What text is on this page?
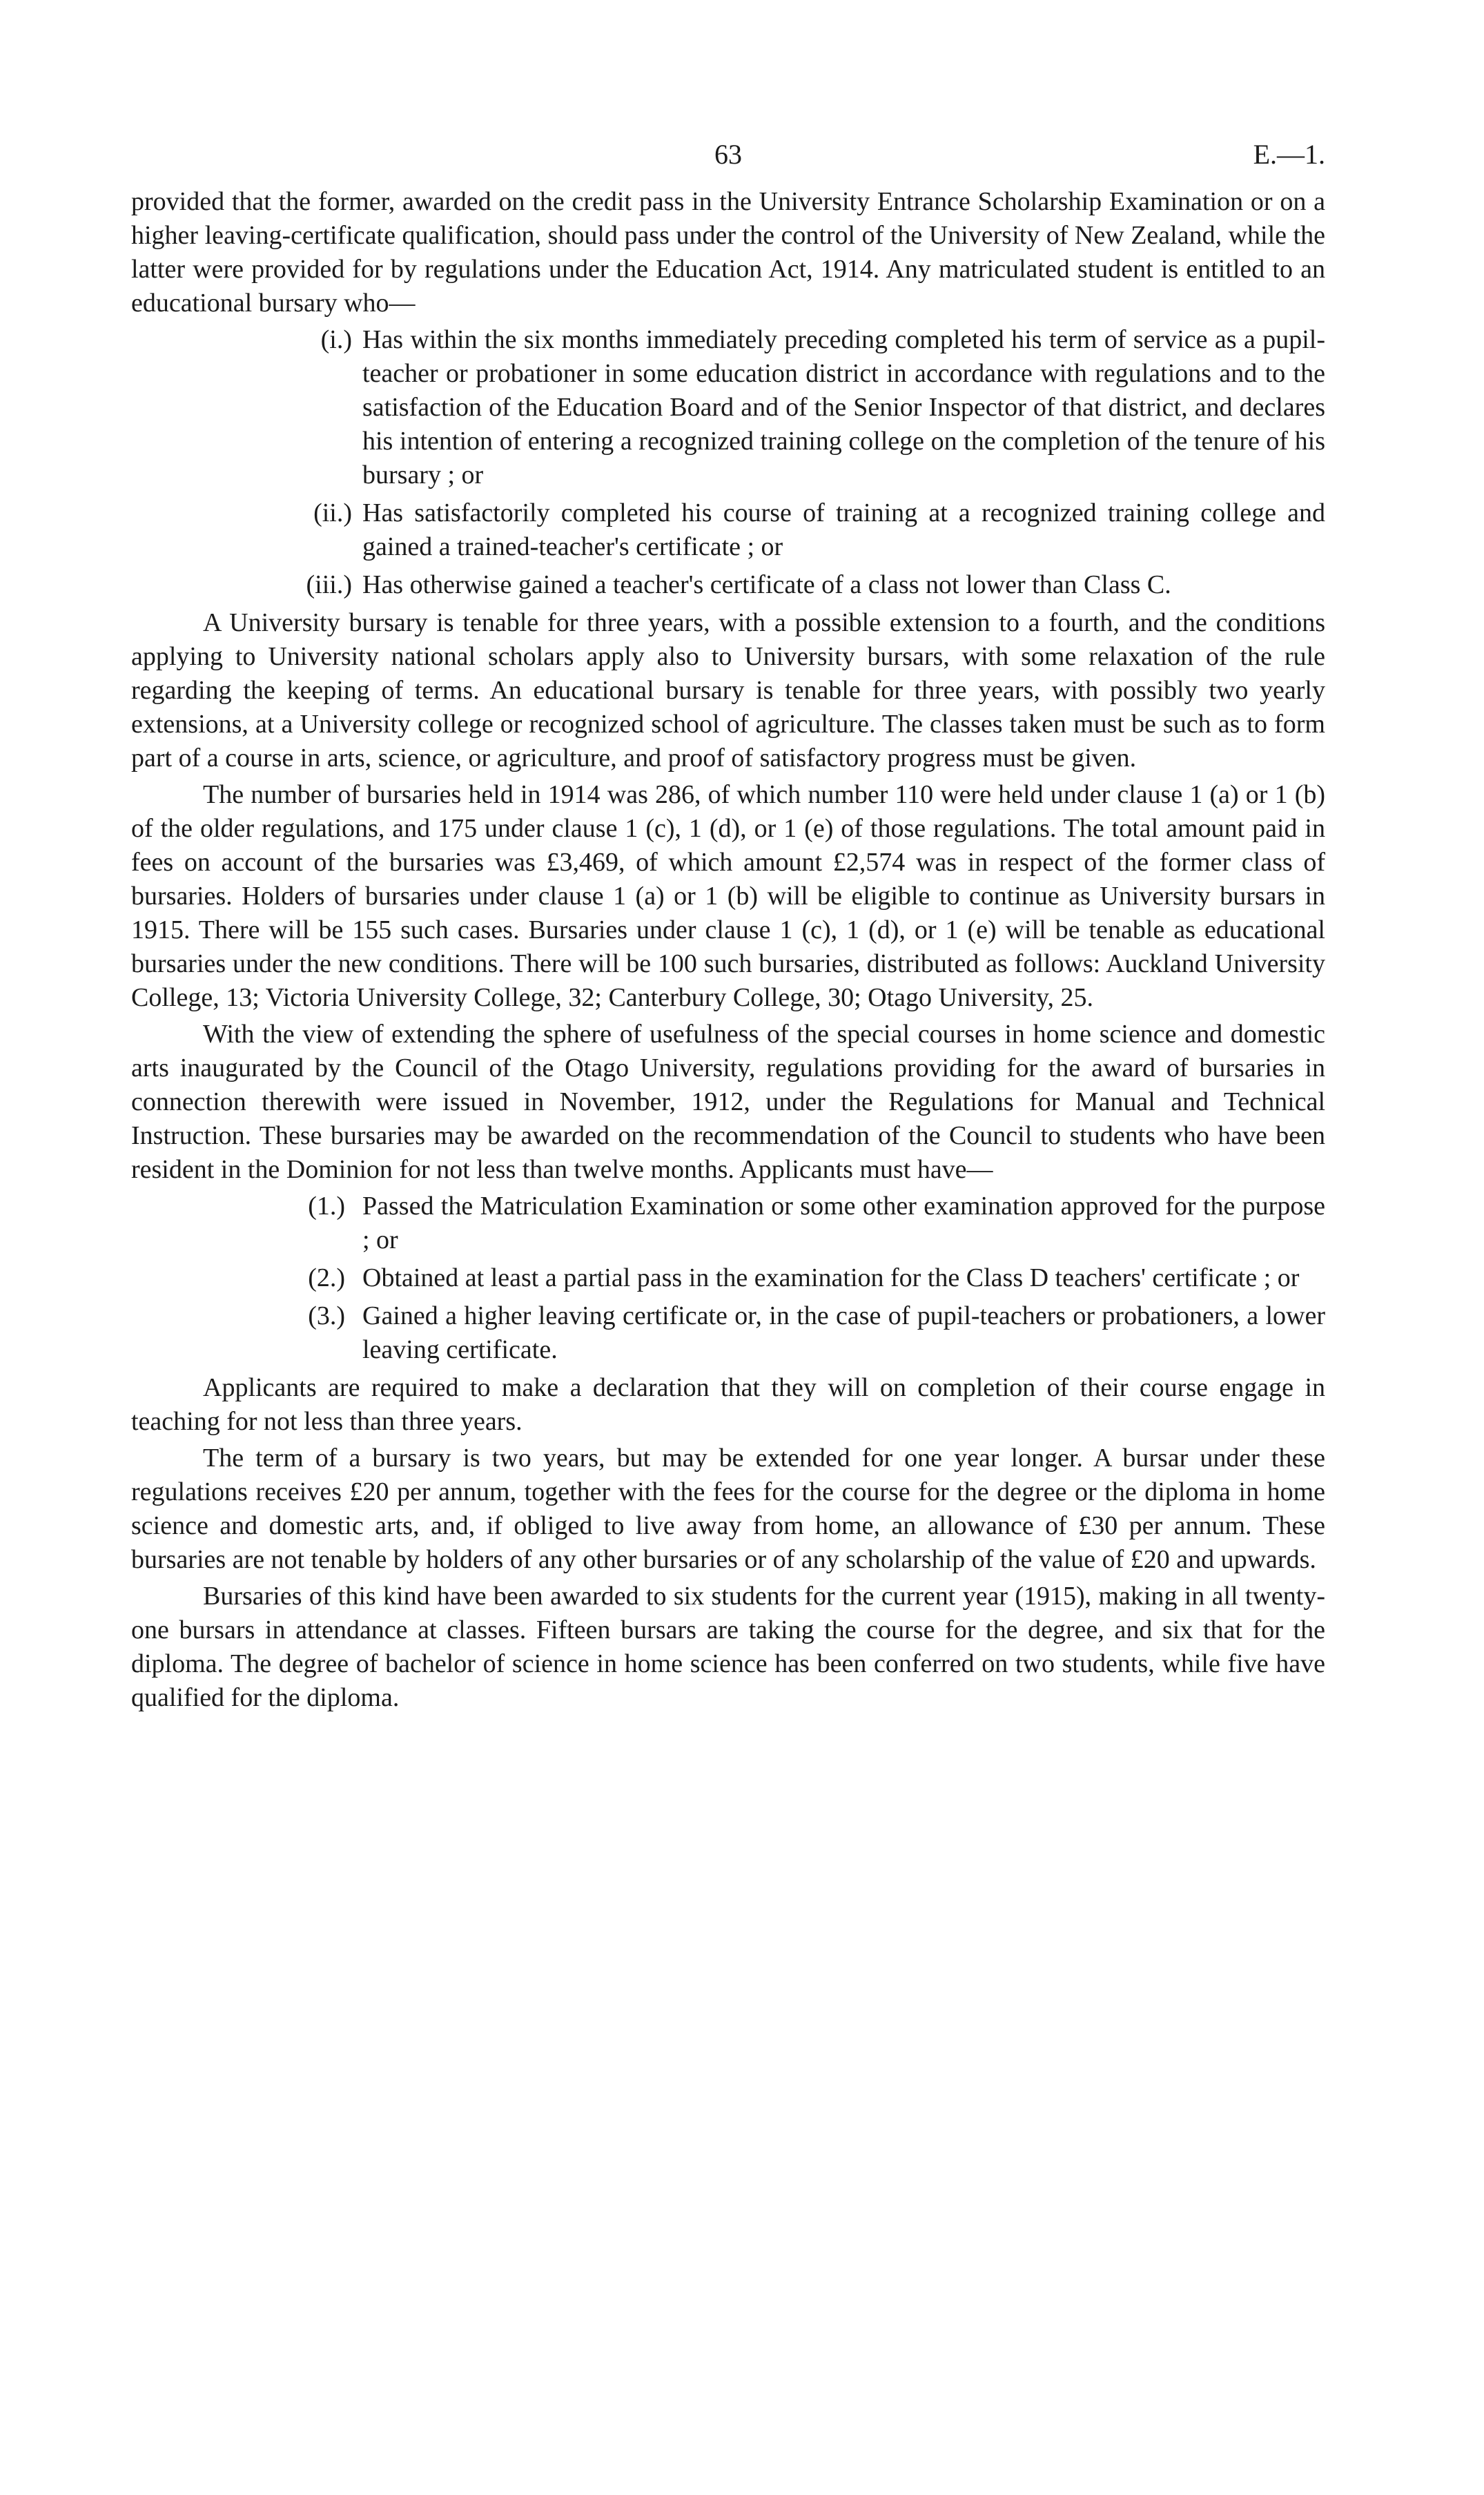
63	E.—1.

provided that the former, awarded on the credit pass in the University Entrance Scholarship Examination or on a higher leaving-certificate qualification, should pass under the control of the University of New Zealand, while the latter were provided for by regulations under the Education Act, 1914. Any matriculated student is entitled to an educational bursary who—

(i.) Has within the six months immediately preceding completed his term of service as a pupil-teacher or probationer in some education district in accordance with regulations and to the satisfaction of the Education Board and of the Senior Inspector of that district, and declares his intention of entering a recognized training college on the completion of the tenure of his bursary ; or
(ii.) Has satisfactorily completed his course of training at a recognized training college and gained a trained-teacher's certificate ; or
(iii.) Has otherwise gained a teacher's certificate of a class not lower than Class C.

A University bursary is tenable for three years, with a possible extension to a fourth, and the conditions applying to University national scholars apply also to University bursars, with some relaxation of the rule regarding the keeping of terms. An educational bursary is tenable for three years, with possibly two yearly extensions, at a University college or recognized school of agriculture. The classes taken must be such as to form part of a course in arts, science, or agriculture, and proof of satisfactory progress must be given.

The number of bursaries held in 1914 was 286, of which number 110 were held under clause 1 (a) or 1 (b) of the older regulations, and 175 under clause 1 (c), 1 (d), or 1 (e) of those regulations. The total amount paid in fees on account of the bursaries was £3,469, of which amount £2,574 was in respect of the former class of bursaries. Holders of bursaries under clause 1 (a) or 1 (b) will be eligible to continue as University bursars in 1915. There will be 155 such cases. Bursaries under clause 1 (c), 1 (d), or 1 (e) will be tenable as educational bursaries under the new conditions. There will be 100 such bursaries, distributed as follows: Auckland University College, 13; Victoria University College, 32; Canterbury College, 30; Otago University, 25.

With the view of extending the sphere of usefulness of the special courses in home science and domestic arts inaugurated by the Council of the Otago University, regulations providing for the award of bursaries in connection therewith were issued in November, 1912, under the Regulations for Manual and Technical Instruction. These bursaries may be awarded on the recommendation of the Council to students who have been resident in the Dominion for not less than twelve months. Applicants must have—

(1.) Passed the Matriculation Examination or some other examination approved for the purpose ; or
(2.) Obtained at least a partial pass in the examination for the Class D teachers' certificate ; or
(3.) Gained a higher leaving certificate or, in the case of pupil-teachers or probationers, a lower leaving certificate.

Applicants are required to make a declaration that they will on completion of their course engage in teaching for not less than three years.

The term of a bursary is two years, but may be extended for one year longer. A bursar under these regulations receives £20 per annum, together with the fees for the course for the degree or the diploma in home science and domestic arts, and, if obliged to live away from home, an allowance of £30 per annum. These bursaries are not tenable by holders of any other bursaries or of any scholarship of the value of £20 and upwards.

Bursaries of this kind have been awarded to six students for the current year (1915), making in all twenty-one bursars in attendance at classes. Fifteen bursars are taking the course for the degree, and six that for the diploma. The degree of bachelor of science in home science has been conferred on two students, while five have qualified for the diploma.
